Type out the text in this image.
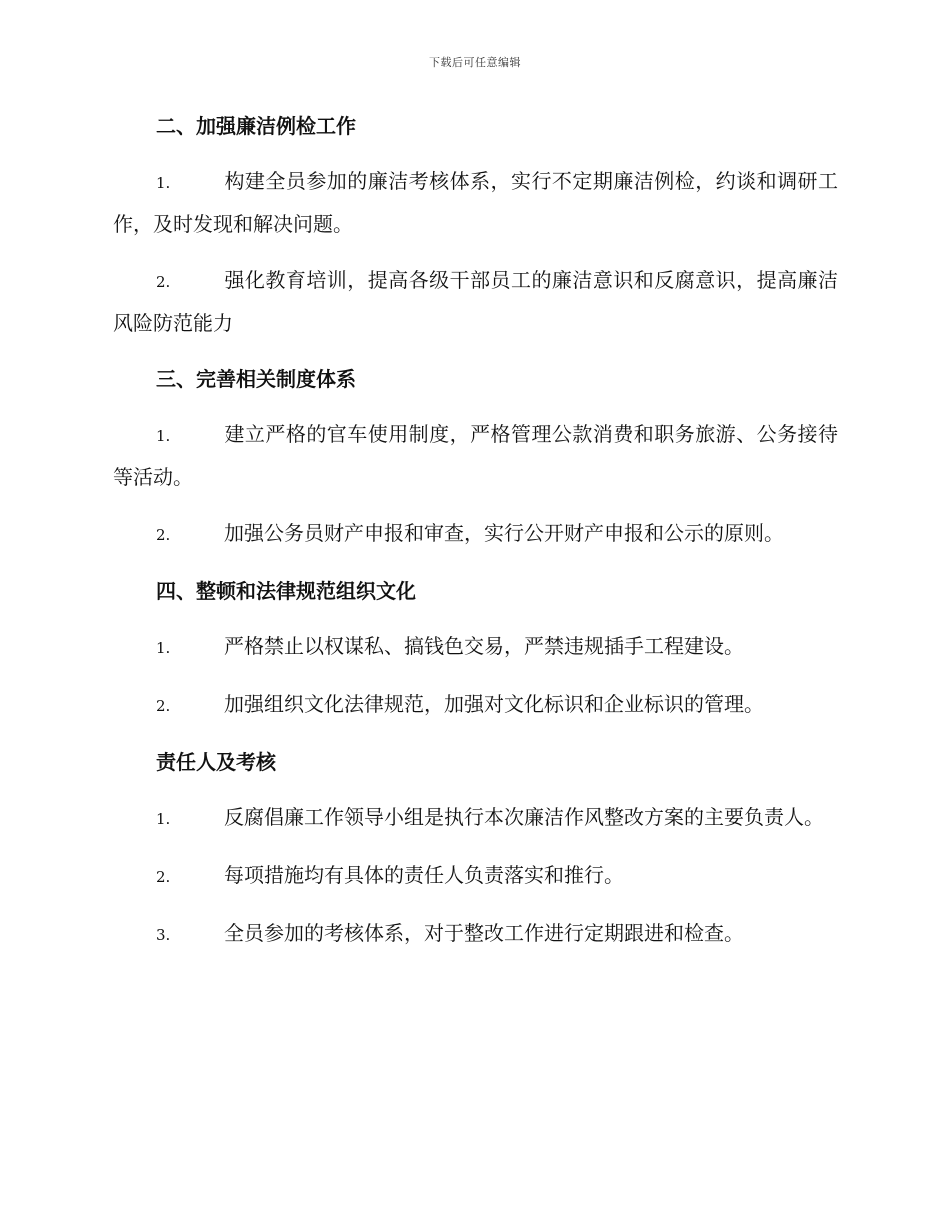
下载后可任意编辑
二、加强廉洁例检工作

1.	构建全员参加的廉洁考核体系，实行不定期廉洁例检，约谈和调研工作，及时发现和解决问题。

2.	强化教育培训，提高各级干部员工的廉洁意识和反腐意识，提高廉洁风险防范能力

三、完善相关制度体系

1.	建立严格的官车使用制度，严格管理公款消费和职务旅游、公务接待等活动。

2.	加强公务员财产申报和审查，实行公开财产申报和公示的原则。

四、整顿和法律规范组织文化

1.	严格禁止以权谋私、搞钱色交易，严禁违规插手工程建设。

2.	加强组织文化法律规范，加强对文化标识和企业标识的管理。

责任人及考核

1.	反腐倡廉工作领导小组是执行本次廉洁作风整改方案的主要负责人。

2.	每项措施均有具体的责任人负责落实和推行。

3.	全员参加的考核体系，对于整改工作进行定期跟进和检查。
